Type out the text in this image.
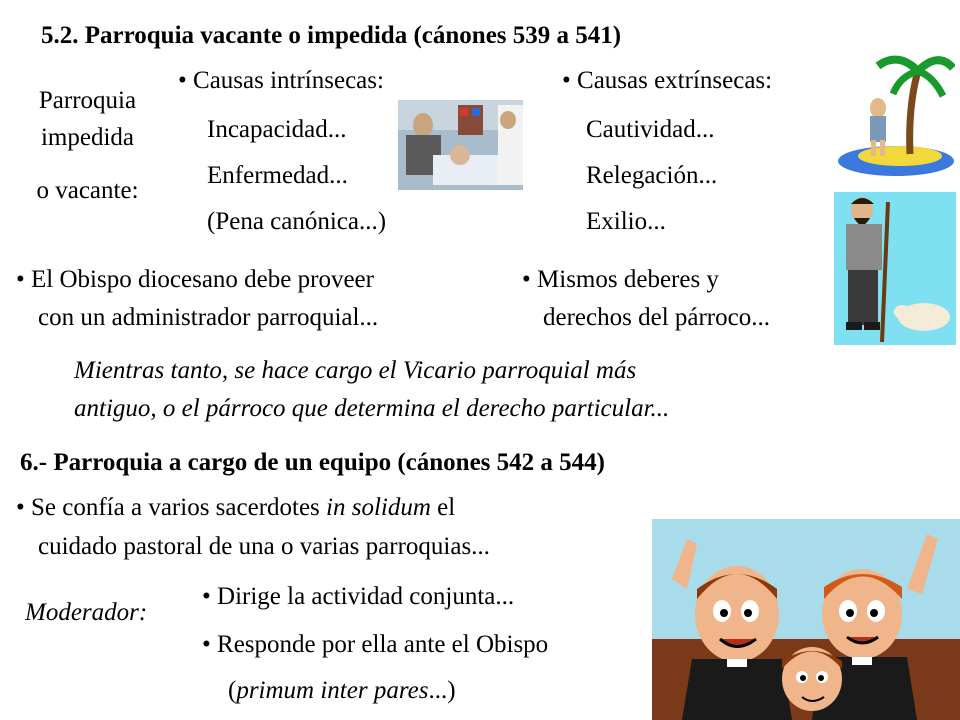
5.2. Parroquia vacante o impedida (cánones 539 a 541)
Parroquia
impedida
o vacante:
• Causas intrínsecas:
Incapacidad...
Enfermedad...
(Pena canónica...)
• Causas extrínsecas:
Cautividad...
Relegación...
Exilio...
• El Obispo diocesano debe proveer
con un administrador parroquial...
• Mismos deberes y
derechos del párroco...
Mientras tanto, se hace cargo el Vicario parroquial más
antiguo, o el párroco que determina el derecho particular...
6.- Parroquia a cargo de un equipo (cánones 542 a 544)
• Se confía a varios sacerdotes in solidum el
cuidado pastoral de una o varias parroquias...
Moderador:
• Dirige la actividad conjunta...
• Responde por ella ante el Obispo
(primum inter pares...)
